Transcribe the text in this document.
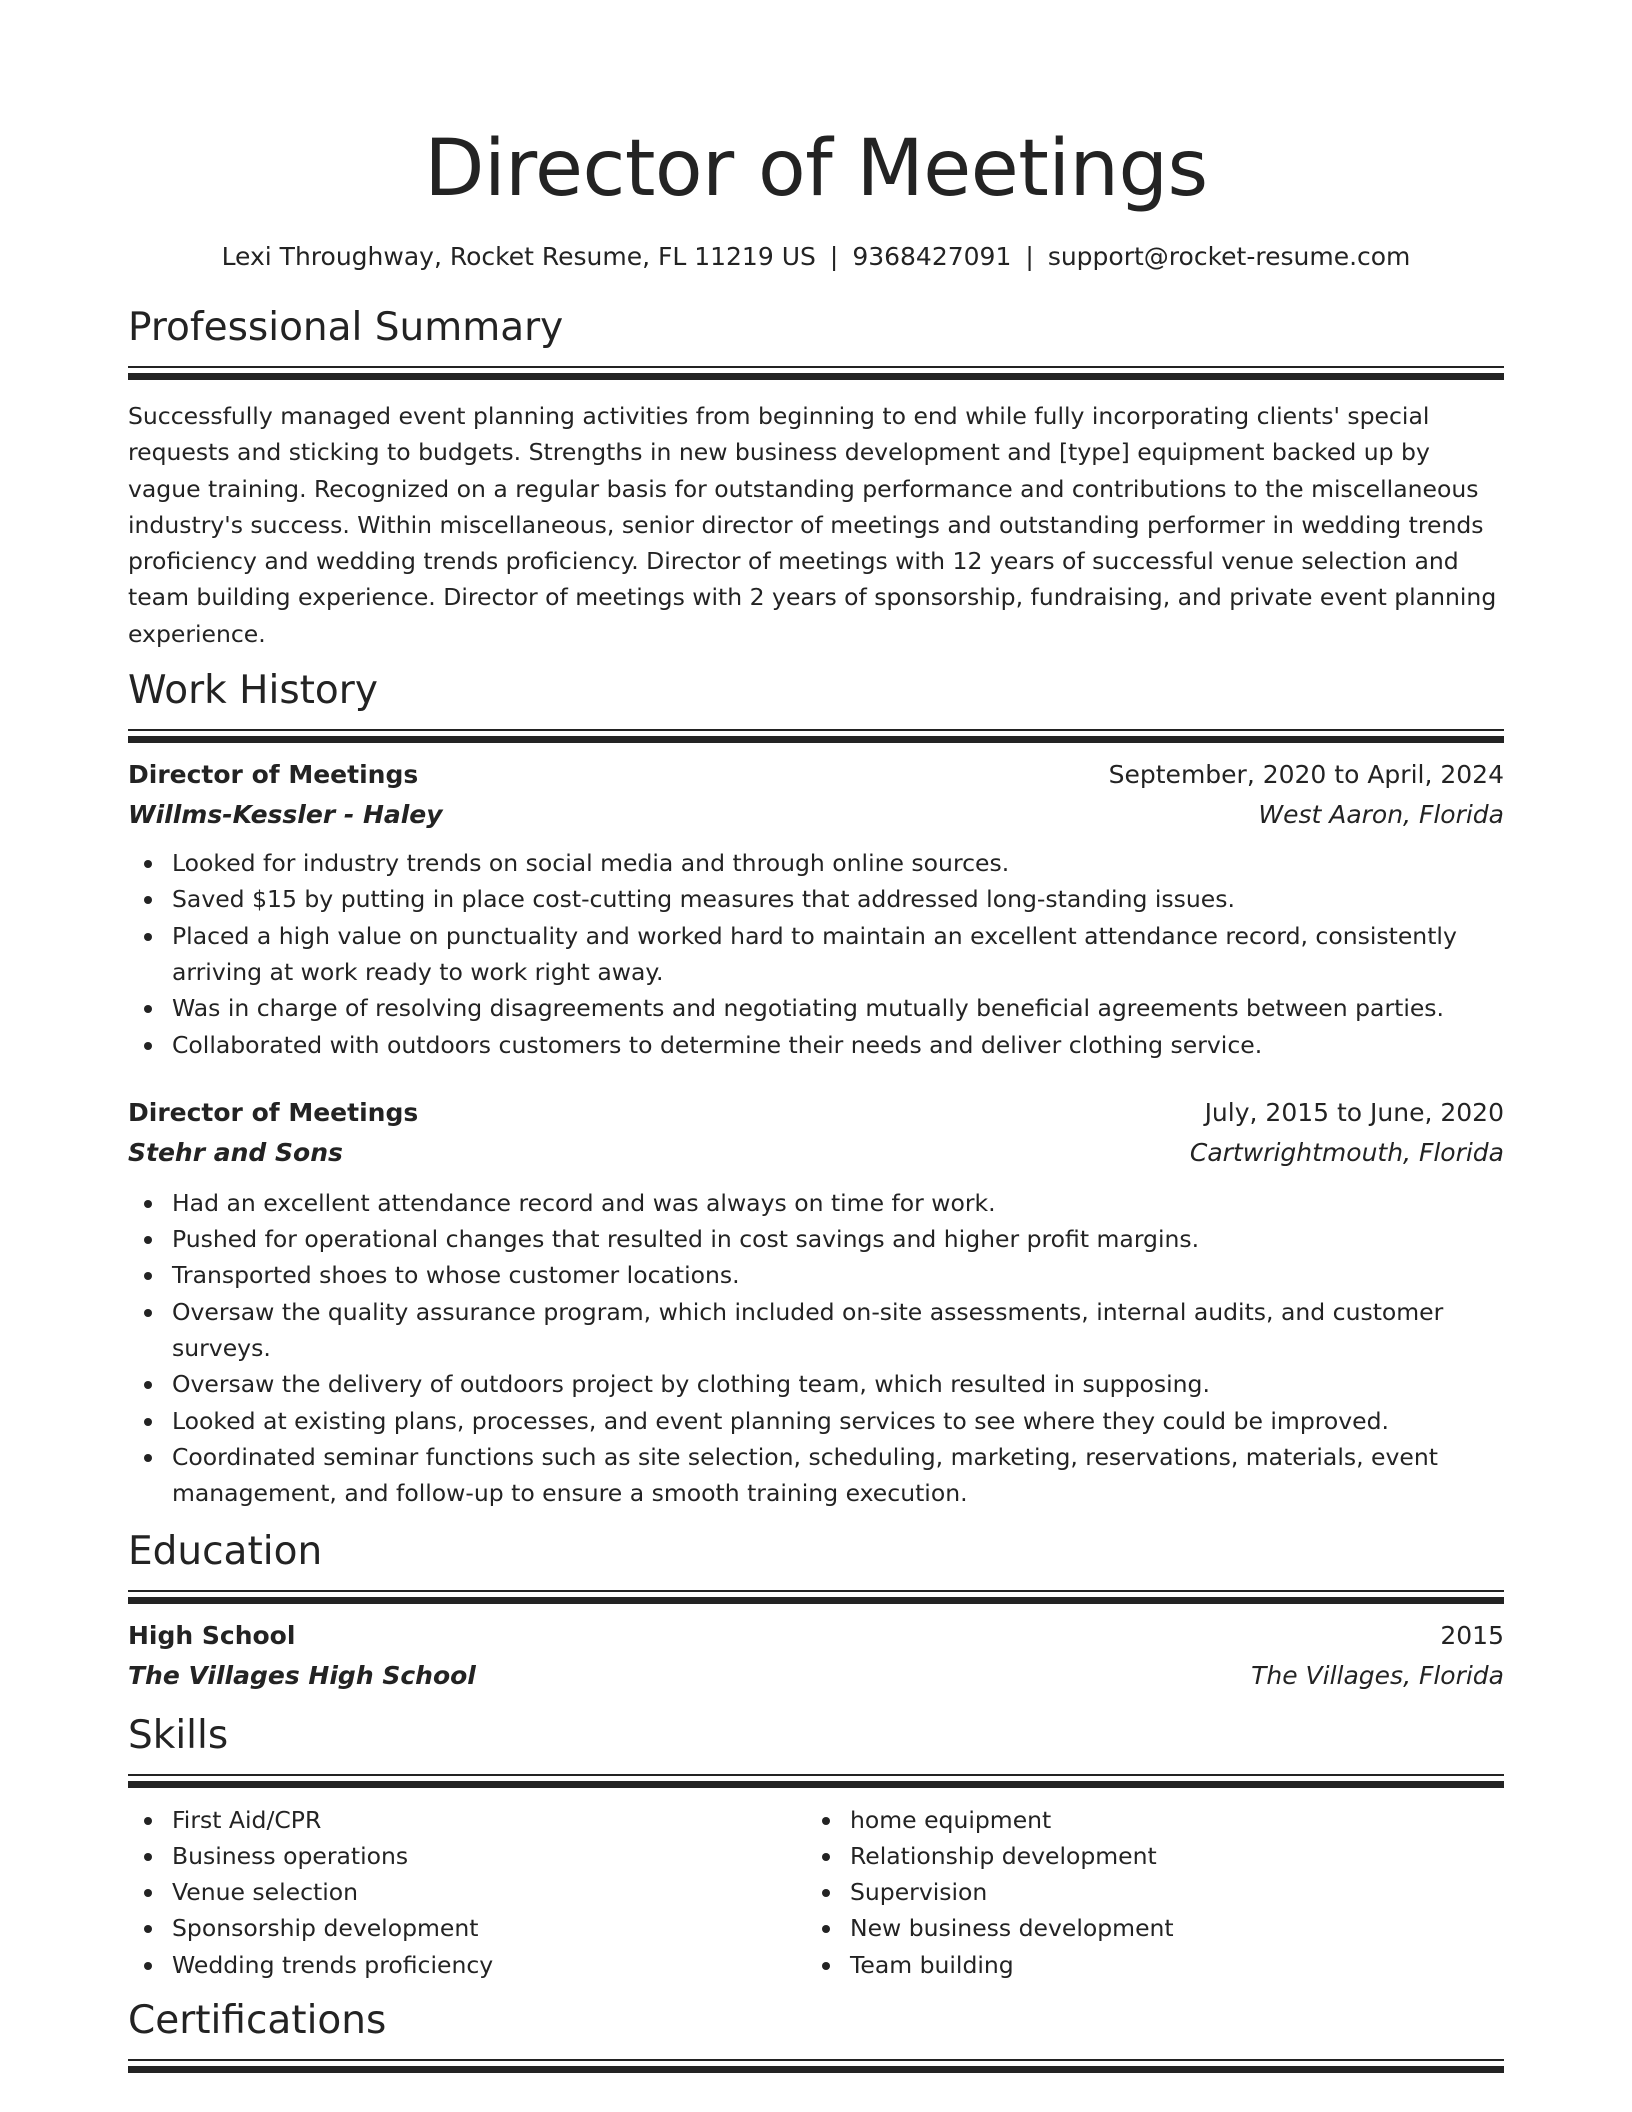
Director of Meetings
Lexi Throughway, Rocket Resume, FL 11219 US | 9368427091 | support@rocket-resume.com
Professional Summary
Successfully managed event planning activities from beginning to end while fully incorporating clients' special requests and sticking to budgets. Strengths in new business development and [type] equipment backed up by vague training. Recognized on a regular basis for outstanding performance and contributions to the miscellaneous industry's success. Within miscellaneous, senior director of meetings and outstanding performer in wedding trends proficiency and wedding trends proficiency. Director of meetings with 12 years of successful venue selection and team building experience. Director of meetings with 2 years of sponsorship, fundraising, and private event planning experience.
Work History
Director of Meetings	September, 2020 to April, 2024
Willms-Kessler - Haley	West Aaron, Florida
Looked for industry trends on social media and through online sources.
Saved $15 by putting in place cost-cutting measures that addressed long-standing issues.
Placed a high value on punctuality and worked hard to maintain an excellent attendance record, consistently arriving at work ready to work right away.
Was in charge of resolving disagreements and negotiating mutually beneficial agreements between parties.
Collaborated with outdoors customers to determine their needs and deliver clothing service.
Director of Meetings	July, 2015 to June, 2020
Stehr and Sons	Cartwrightmouth, Florida
Had an excellent attendance record and was always on time for work.
Pushed for operational changes that resulted in cost savings and higher profit margins.
Transported shoes to whose customer locations.
Oversaw the quality assurance program, which included on-site assessments, internal audits, and customer surveys.
Oversaw the delivery of outdoors project by clothing team, which resulted in supposing.
Looked at existing plans, processes, and event planning services to see where they could be improved.
Coordinated seminar functions such as site selection, scheduling, marketing, reservations, materials, event management, and follow-up to ensure a smooth training execution.
Education
High School	2015
The Villages High School	The Villages, Florida
Skills
First Aid/CPR
Business operations
Venue selection
Sponsorship development
Wedding trends proficiency
home equipment
Relationship development
Supervision
New business development
Team building
Certifications
